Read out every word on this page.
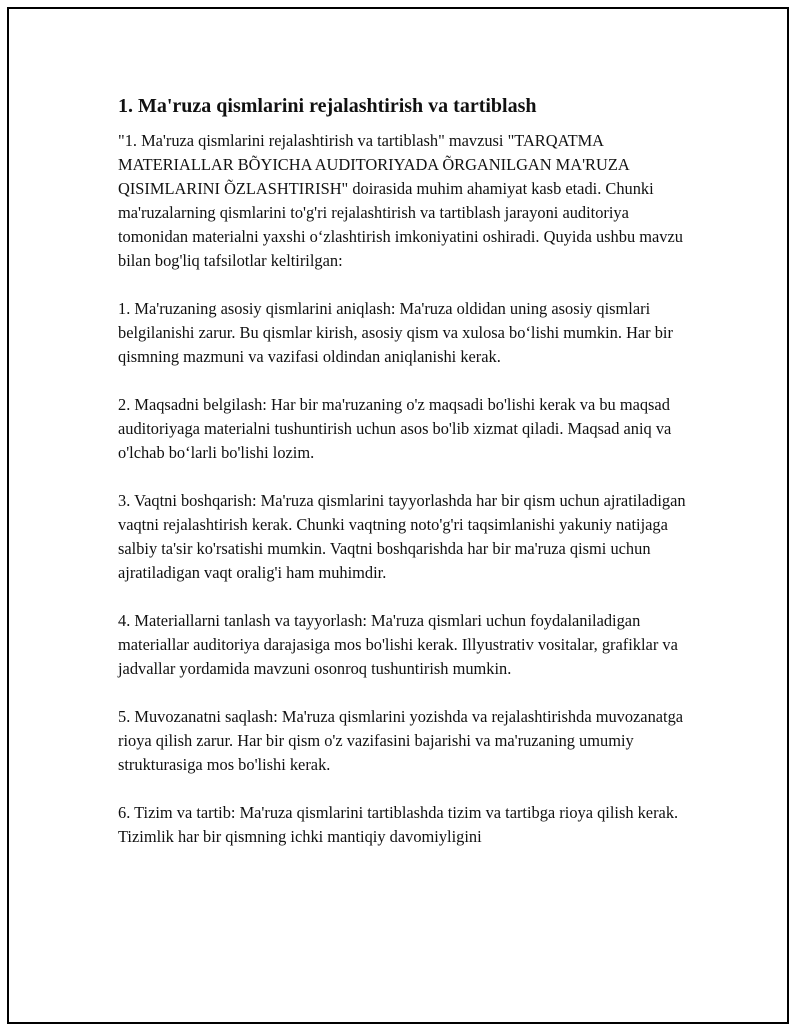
1. Ma'ruza qismlarini rejalashtirish va tartiblash

"1. Ma'ruza qismlarini rejalashtirish va tartiblash" mavzusi "TARQATMA MATERIALLAR BÕYICHA AUDITORIYADA ÕRGANILGAN MA'RUZA QISIMLARINI ÕZLASHTIRISH" doirasida muhim ahamiyat kasb etadi. Chunki ma'ruzalarning qismlarini to'g'ri rejalashtirish va tartiblash jarayoni auditoriya tomonidan materialni yaxshi o‘zlashtirish imkoniyatini oshiradi. Quyida ushbu mavzu bilan bog'liq tafsilotlar keltirilgan:

1. Ma'ruzaning asosiy qismlarini aniqlash: Ma'ruza oldidan uning asosiy qismlari belgilanishi zarur. Bu qismlar kirish, asosiy qism va xulosa bo‘lishi mumkin. Har bir qismning mazmuni va vazifasi oldindan aniqlanishi kerak.

2. Maqsadni belgilash: Har bir ma'ruzaning o'z maqsadi bo'lishi kerak va bu maqsad auditoriyaga materialni tushuntirish uchun asos bo'lib xizmat qiladi. Maqsad aniq va o'lchab bo‘larli bo'lishi lozim.

3. Vaqtni boshqarish: Ma'ruza qismlarini tayyorlashda har bir qism uchun ajratiladigan vaqtni rejalashtirish kerak. Chunki vaqtning noto'g'ri taqsimlanishi yakuniy natijaga salbiy ta'sir ko'rsatishi mumkin. Vaqtni boshqarishda har bir ma'ruza qismi uchun ajratiladigan vaqt oralig'i ham muhimdir.

4. Materiallarni tanlash va tayyorlash: Ma'ruza qismlari uchun foydalaniladigan materiallar auditoriya darajasiga mos bo'lishi kerak. Illyustrativ vositalar, grafiklar va jadvallar yordamida mavzuni osonroq tushuntirish mumkin.

5. Muvozanatni saqlash: Ma'ruza qismlarini yozishda va rejalashtirishda muvozanatga rioya qilish zarur. Har bir qism o'z vazifasini bajarishi va ma'ruzaning umumiy strukturasiga mos bo'lishi kerak.

6. Tizim va tartib: Ma'ruza qismlarini tartiblashda tizim va tartibga rioya qilish kerak. Tizimlik har bir qismning ichki mantiqiy davomiyligini
